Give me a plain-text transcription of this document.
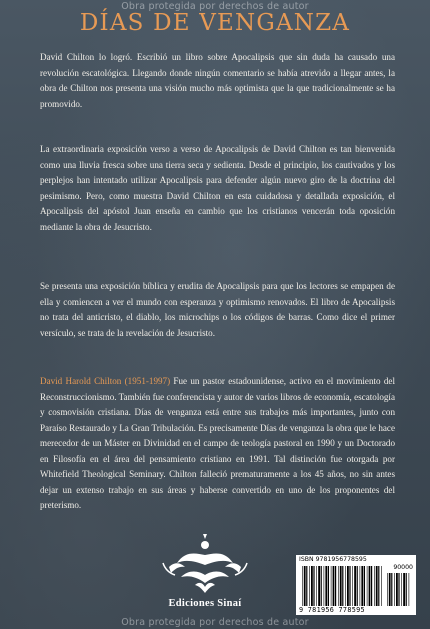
Obra protegida por derechos de autor
DÍAS DE VENGANZA
David Chilton lo logró. Escribió un libro sobre Apocalipsis que sin duda ha causado una revolución escatológica. Llegando donde ningún comentario se había atrevido a llegar antes, la obra de Chilton nos presenta una visión mucho más optimista que la que tradicionalmente se ha promovido.
La extraordinaria exposición verso a verso de Apocalipsis de David Chilton es tan bienvenida como una lluvia fresca sobre una tierra seca y sedienta. Desde el principio, los cautivados y los perplejos han intentado utilizar Apocalipsis para defender algún nuevo giro de la doctrina del pesimismo. Pero, como muestra David Chilton en esta cuidadosa y detallada exposición, el Apocalipsis del apóstol Juan enseña en cambio que los cristianos vencerán toda oposición mediante la obra de Jesucristo.
Se presenta una exposición bíblica y erudita de Apocalipsis para que los lectores se empapen de ella y comiencen a ver el mundo con esperanza y optimismo renovados. El libro de Apocalipsis no trata del anticristo, el diablo, los microchips o los códigos de barras. Como dice el primer versículo, se trata de la revelación de Jesucristo.
David Harold Chilton (1951-1997) Fue un pastor estadounidense, activo en el movimiento del Reconstruccionismo. También fue conferencista y autor de varios libros de economía, escatología y cosmovisión cristiana. Días de venganza está entre sus trabajos más importantes, junto con Paraíso Restaurado y La Gran Tribulación. Es precisamente Días de venganza la obra que le hace merecedor de un Máster en Divinidad en el campo de teología pastoral en 1990 y un Doctorado en Filosofía en el área del pensamiento cristiano en 1991. Tal distinción fue otorgada por Whitefield Theological Seminary. Chilton falleció prematuramente a los 45 años, no sin antes dejar un extenso trabajo en sus áreas y haberse convertido en uno de los proponentes del preterismo.
Ediciones Sinaí
ISBN 9781956778595
90000
9 781956 778595
Obra protegida por derechos de autor
